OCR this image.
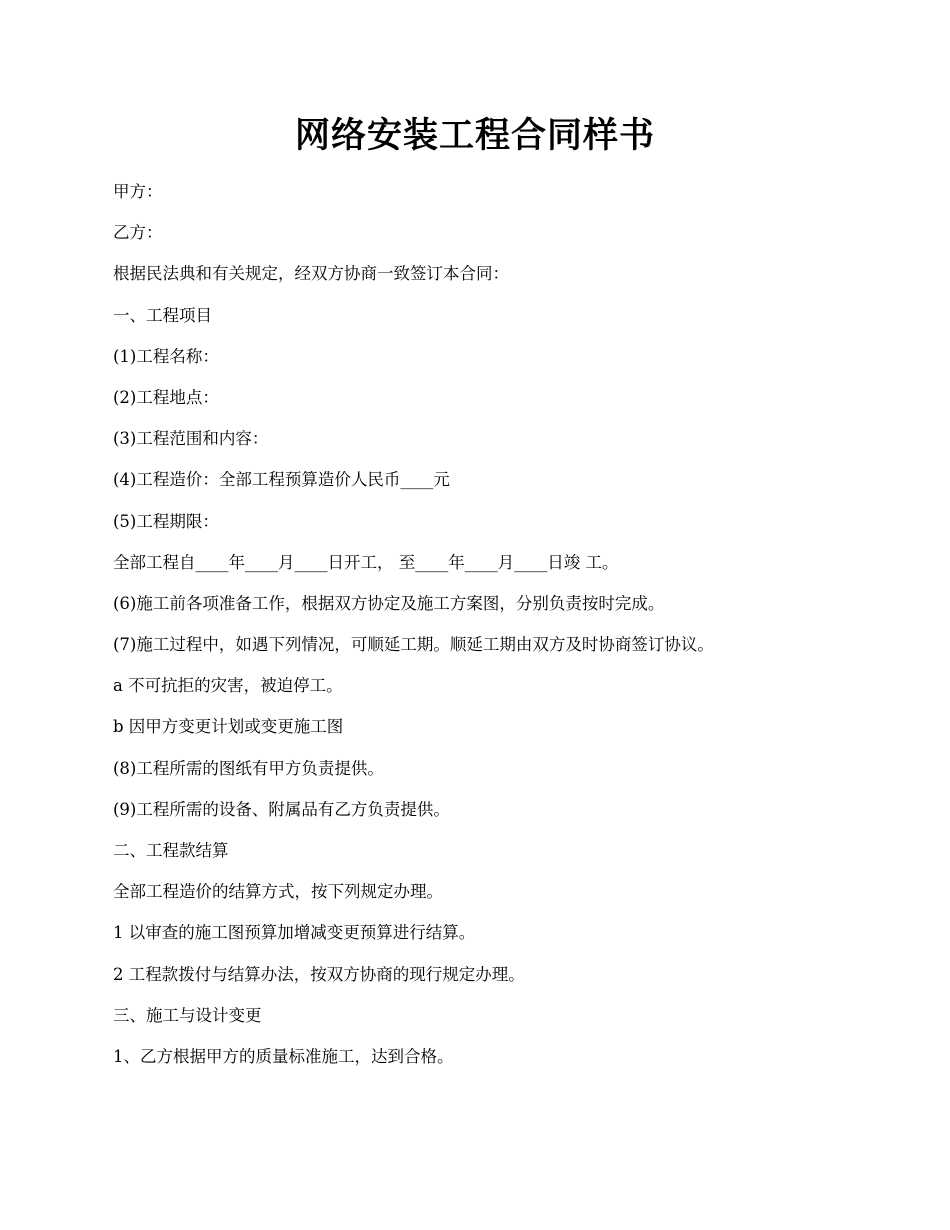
网络安装工程合同样书
甲方：
乙方：
根据民法典和有关规定，经双方协商一致签订本合同：
一、工程项目
(1)工程名称：
(2)工程地点：
(3)工程范围和内容：
(4)工程造价：全部工程预算造价人民币____元
(5)工程期限：
全部工程自____年____月____日开工， 至____年____月____日竣 工。
(6)施工前各项准备工作，根据双方协定及施工方案图，分别负责按时完成。
(7)施工过程中，如遇下列情况，可顺延工期。顺延工期由双方及时协商签订协议。
a 不可抗拒的灾害，被迫停工。
b 因甲方变更计划或变更施工图
(8)工程所需的图纸有甲方负责提供。
(9)工程所需的设备、附属品有乙方负责提供。
二、工程款结算
全部工程造价的结算方式，按下列规定办理。
1 以审查的施工图预算加增减变更预算进行结算。
2 工程款拨付与结算办法，按双方协商的现行规定办理。
三、施工与设计变更
1、乙方根据甲方的质量标准施工，达到合格。
